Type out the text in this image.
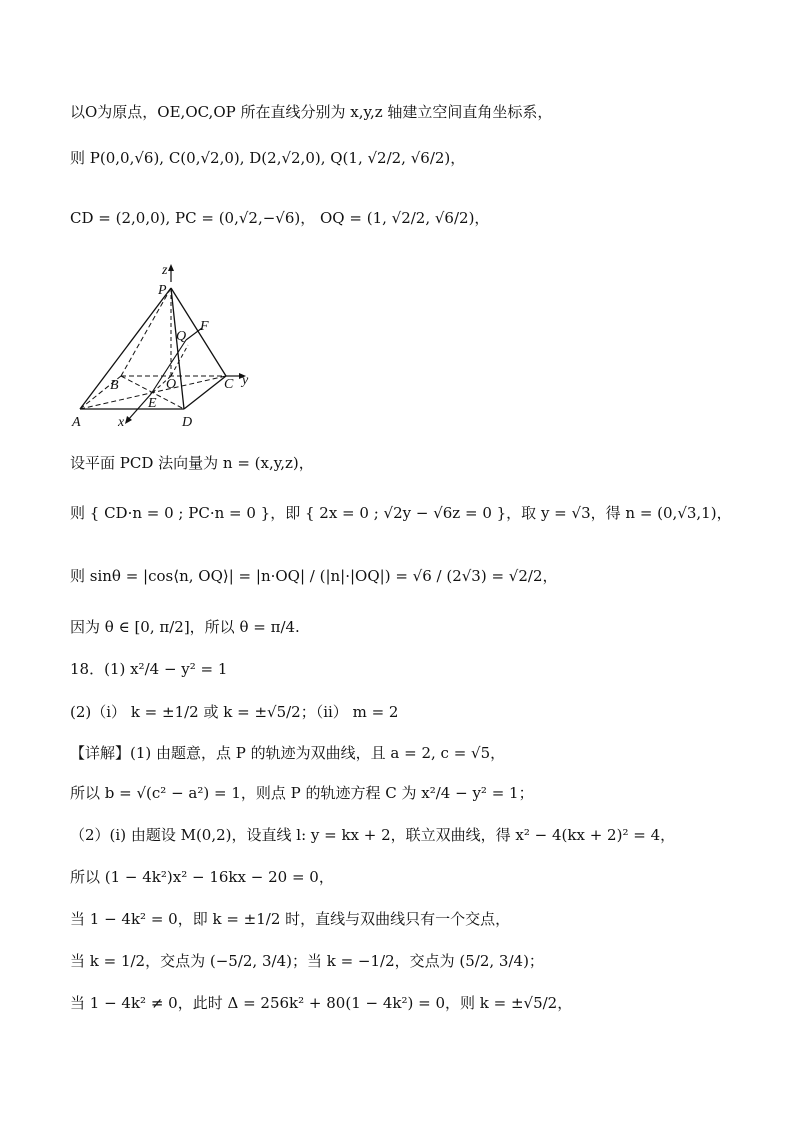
以O为原点，OE,OC,OP 所在直线分别为 x,y,z 轴建立空间直角坐标系，
则 P(0,0,√6), C(0,√2,0), D(2,√2,0), Q(1, √2/2, √6/2)，
CD = (2,0,0), PC = (0,√2,−√6)， OQ = (1, √2/2, √6/2)，
z
P
Q
F
B	O	C y
E
A	D
x
设平面 PCD 法向量为 n = (x,y,z)，
则 { CD·n = 0 ; PC·n = 0 }，即 { 2x = 0 ; √2y − √6z = 0 }，取 y = √3，得 n = (0,√3,1)，
则 sinθ = |cos⟨n, OQ⟩| = |n·OQ| / (|n|·|OQ|) = √6 / (2√3) = √2/2，
因为 θ ∈ [0, π/2]，所以 θ = π/4.
18．(1) x²/4 − y² = 1
(2)（i） k = ±1/2 或 k = ±√5/2；（ii） m = 2
【详解】(1) 由题意，点 P 的轨迹为双曲线，且 a = 2, c = √5，
所以 b = √(c² − a²) = 1，则点 P 的轨迹方程 C 为 x²/4 − y² = 1；
（2）(i) 由题设 M(0,2)，设直线 l: y = kx + 2，联立双曲线，得 x² − 4(kx + 2)² = 4，
所以 (1 − 4k²)x² − 16kx − 20 = 0，
当 1 − 4k² = 0，即 k = ±1/2 时，直线与双曲线只有一个交点，
当 k = 1/2，交点为 (−5/2, 3/4)；当 k = −1/2，交点为 (5/2, 3/4)；
当 1 − 4k² ≠ 0，此时 Δ = 256k² + 80(1 − 4k²) = 0，则 k = ±√5/2，
